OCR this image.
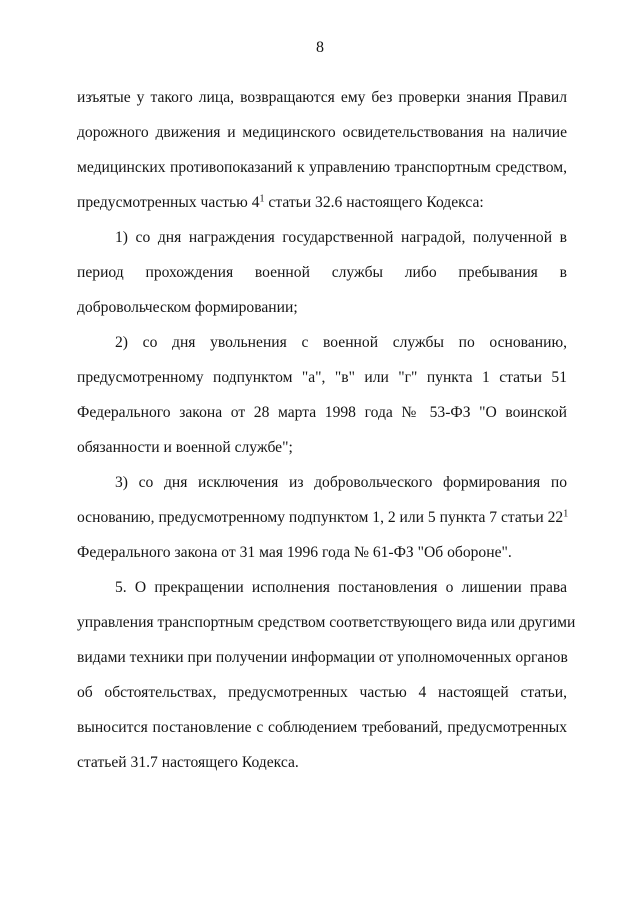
8

изъятые у такого лица, возвращаются ему без проверки знания Правил
дорожного движения и медицинского освидетельствования на наличие
медицинских противопоказаний к управлению транспортным средством,
предусмотренных частью $4^1$ статьи 32.6 настоящего Кодекса:

1) со дня награждения государственной наградой, полученной в
период прохождения военной службы либо пребывания в
добровольческом формировании;

2) со дня увольнения с военной службы по основанию,
предусмотренному подпунктом "а", "в" или "г" пункта 1 статьи 51
Федерального закона от 28 марта 1998 года № 53-ФЗ "О воинской
обязанности и военной службе";

3) со дня исключения из добровольческого формирования по
основанию, предусмотренному подпунктом 1, 2 или 5 пункта 7 статьи $22^1$
Федерального закона от 31 мая 1996 года № 61-ФЗ "Об обороне".

5. О прекращении исполнения постановления о лишении права
управления транспортным средством соответствующего вида или другими
видами техники при получении информации от уполномоченных органов
об обстоятельствах, предусмотренных частью 4 настоящей статьи,
выносится постановление с соблюдением требований, предусмотренных
статьей 31.7 настоящего Кодекса.
